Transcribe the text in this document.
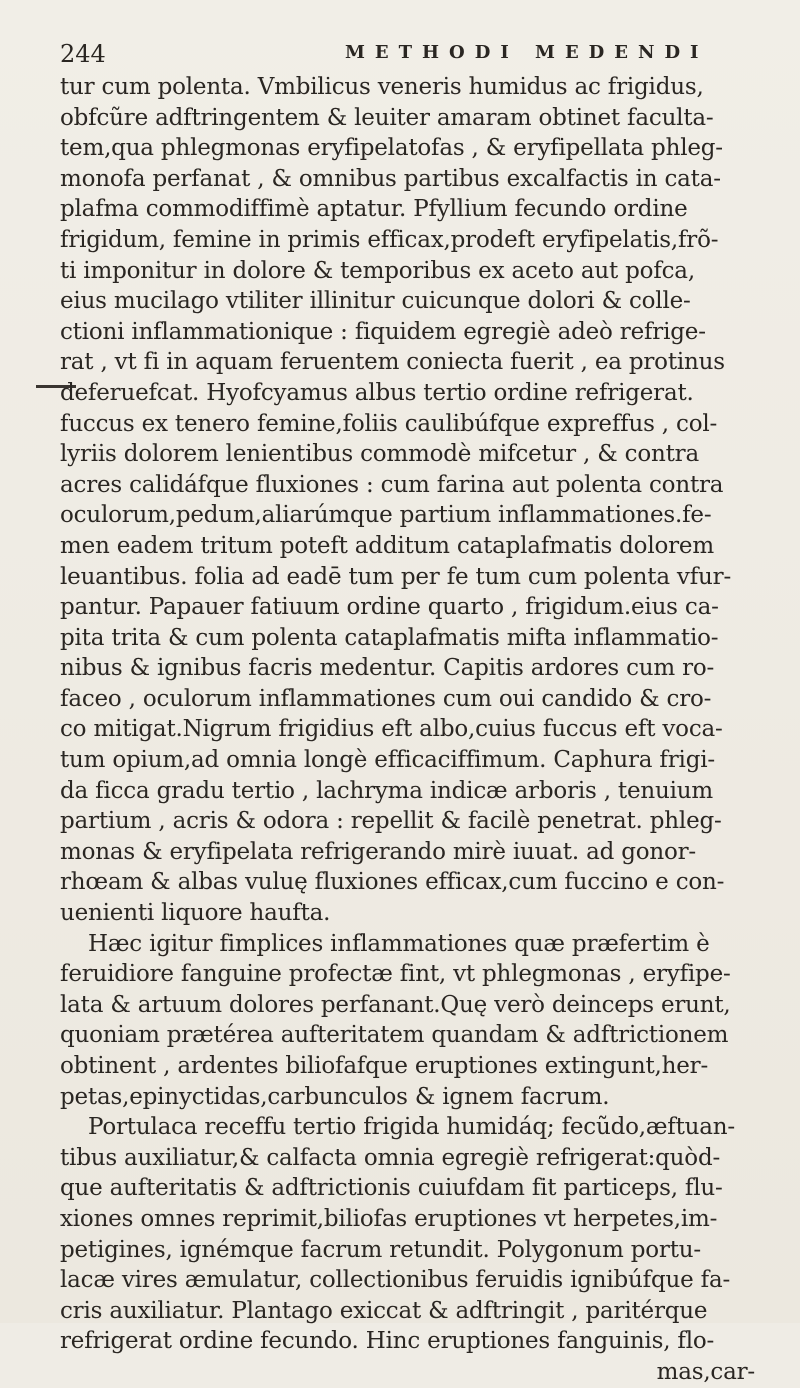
244	METHODI MEDENDI
tur cum polenta. Vmbilicus veneris humidus ac frigidus,
obfcũre adftringentem & leuiter amaram obtinet faculta-
tem,qua phlegmonas eryfipelatofas , & eryfipellata phleg-
monofa perfanat , & omnibus partibus excalfactis in cata-
plafma commodiffimè aptatur. Pfyllium fecundo ordine
frigidum, femine in primis efficax,prodeft eryfipelatis,frõ-
ti imponitur in dolore & temporibus ex aceto aut pofca,
eius mucilago vtiliter illinitur cuicunque dolori & colle-
ctioni inflammationique : fiquidem egregiè adeò refrige-
rat , vt fi in aquam feruentem coniecta fuerit , ea protinus
deferuefcat. Hyofcyamus albus tertio ordine refrigerat.
fuccus ex tenero femine,foliis caulibúfque expreffus , col-
lyriis dolorem lenientibus commodè mifcetur , & contra
acres calidáfque fluxiones : cum farina aut polenta contra
oculorum,pedum,aliarúmque partium inflammationes.fe-
men eadem tritum poteft additum cataplafmatis dolorem
leuantibus. folia ad eadē tum per fe tum cum polenta vfur-
pantur. Papauer fatiuum ordine quarto , frigidum.eius ca-
pita trita & cum polenta cataplafmatis mifta inflammatio-
nibus & ignibus facris medentur. Capitis ardores cum ro-
faceo , oculorum inflammationes cum oui candido & cro-
co mitigat.Nigrum frigidius eft albo,cuius fuccus eft voca-
tum opium,ad omnia longè efficaciffimum. Caphura frigi-
da ficca gradu tertio , lachryma indicæ arboris , tenuium
partium , acris & odora : repellit & facilè penetrat. phleg-
monas & eryfipelata refrigerando mirè iuuat. ad gonor-
rhœam & albas vuluę fluxiones efficax,cum fuccino e con-
uenienti liquore haufta.
Hæc igitur fimplices inflammationes quæ præfertim è
feruidiore fanguine profectæ fint, vt phlegmonas , eryfipe-
lata & artuum dolores perfanant.Quę verò deinceps erunt,
quoniam prætérea aufteritatem quandam & adftrictionem
obtinent , ardentes biliofafque eruptiones extingunt,her-
petas,epinyctidas,carbunculos & ignem facrum.
Portulaca receffu tertio frigida humidáq; fecũdo,æftuan-
tibus auxiliatur,& calfacta omnia egregiè refrigerat:quòd-
que aufteritatis & adftrictionis cuiufdam fit particeps, flu-
xiones omnes reprimit,biliofas eruptiones vt herpetes,im-
petigines, ignémque facrum retundit. Polygonum portu-
lacæ vires æmulatur, collectionibus feruidis ignibúfque fa-
cris auxiliatur. Plantago exiccat & adftringit , paritérque
refrigerat ordine fecundo. Hinc eruptiones fanguinis, flo-
mas,car-
